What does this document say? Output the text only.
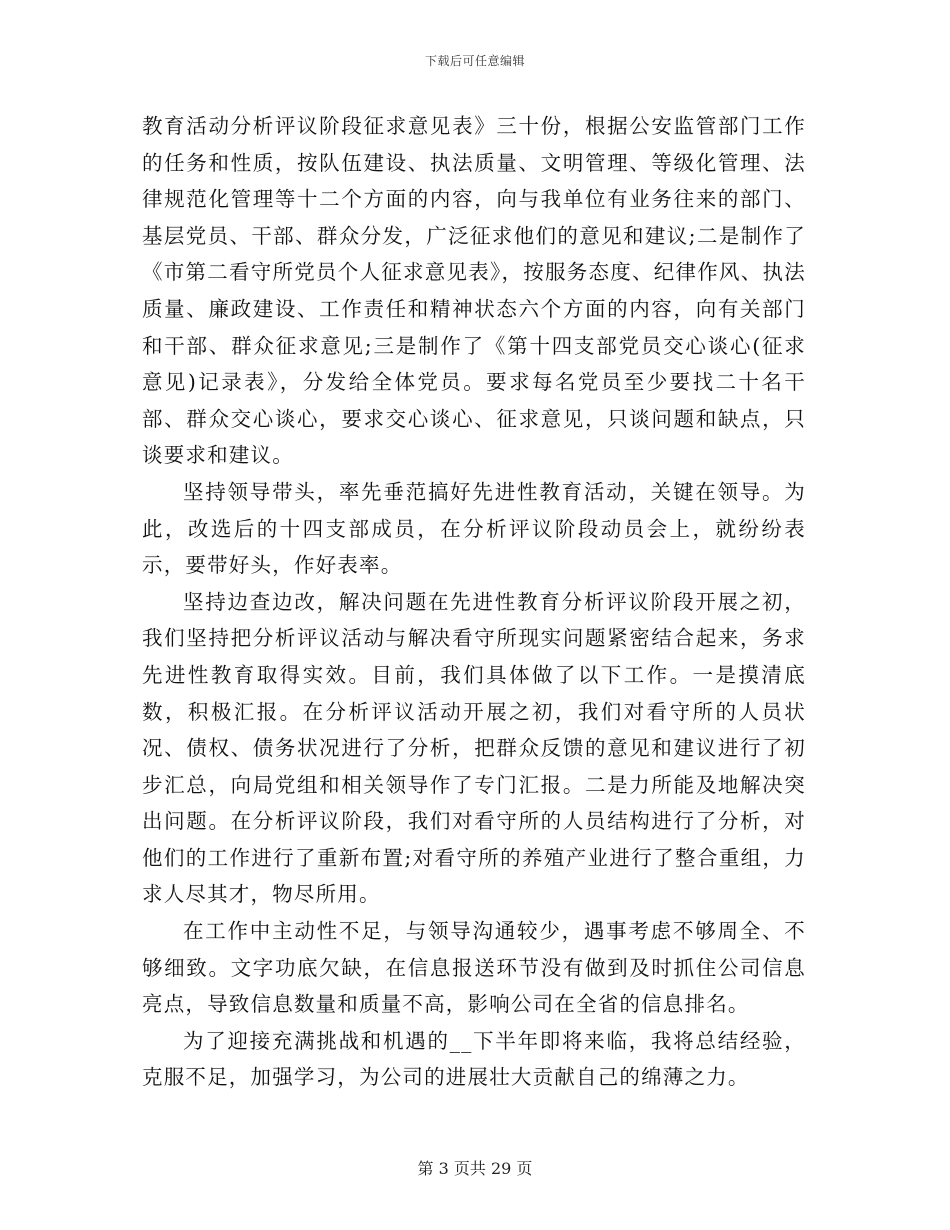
下载后可任意编辑

教育活动分析评议阶段征求意见表》三十份，根据公安监管部门工作的任务和性质，按队伍建设、执法质量、文明管理、等级化管理、法律规范化管理等十二个方面的内容，向与我单位有业务往来的部门、基层党员、干部、群众分发，广泛征求他们的意见和建议;二是制作了《市第二看守所党员个人征求意见表》，按服务态度、纪律作风、执法质量、廉政建设、工作责任和精神状态六个方面的内容，向有关部门和干部、群众征求意见;三是制作了《第十四支部党员交心谈心(征求意见)记录表》，分发给全体党员。要求每名党员至少要找二十名干部、群众交心谈心，要求交心谈心、征求意见，只谈问题和缺点，只谈要求和建议。

坚持领导带头，率先垂范搞好先进性教育活动，关键在领导。为此，改选后的十四支部成员，在分析评议阶段动员会上，就纷纷表示，要带好头，作好表率。

坚持边查边改，解决问题在先进性教育分析评议阶段开展之初，我们坚持把分析评议活动与解决看守所现实问题紧密结合起来，务求先进性教育取得实效。目前，我们具体做了以下工作。一是摸清底数，积极汇报。在分析评议活动开展之初，我们对看守所的人员状况、债权、债务状况进行了分析，把群众反馈的意见和建议进行了初步汇总，向局党组和相关领导作了专门汇报。二是力所能及地解决突出问题。在分析评议阶段，我们对看守所的人员结构进行了分析，对他们的工作进行了重新布置;对看守所的养殖产业进行了整合重组，力求人尽其才，物尽所用。

在工作中主动性不足，与领导沟通较少，遇事考虑不够周全、不够细致。文字功底欠缺，在信息报送环节没有做到及时抓住公司信息亮点，导致信息数量和质量不高，影响公司在全省的信息排名。

为了迎接充满挑战和机遇的__下半年即将来临，我将总结经验，克服不足，加强学习，为公司的进展壮大贡献自己的绵薄之力。

第 3 页共 29 页
